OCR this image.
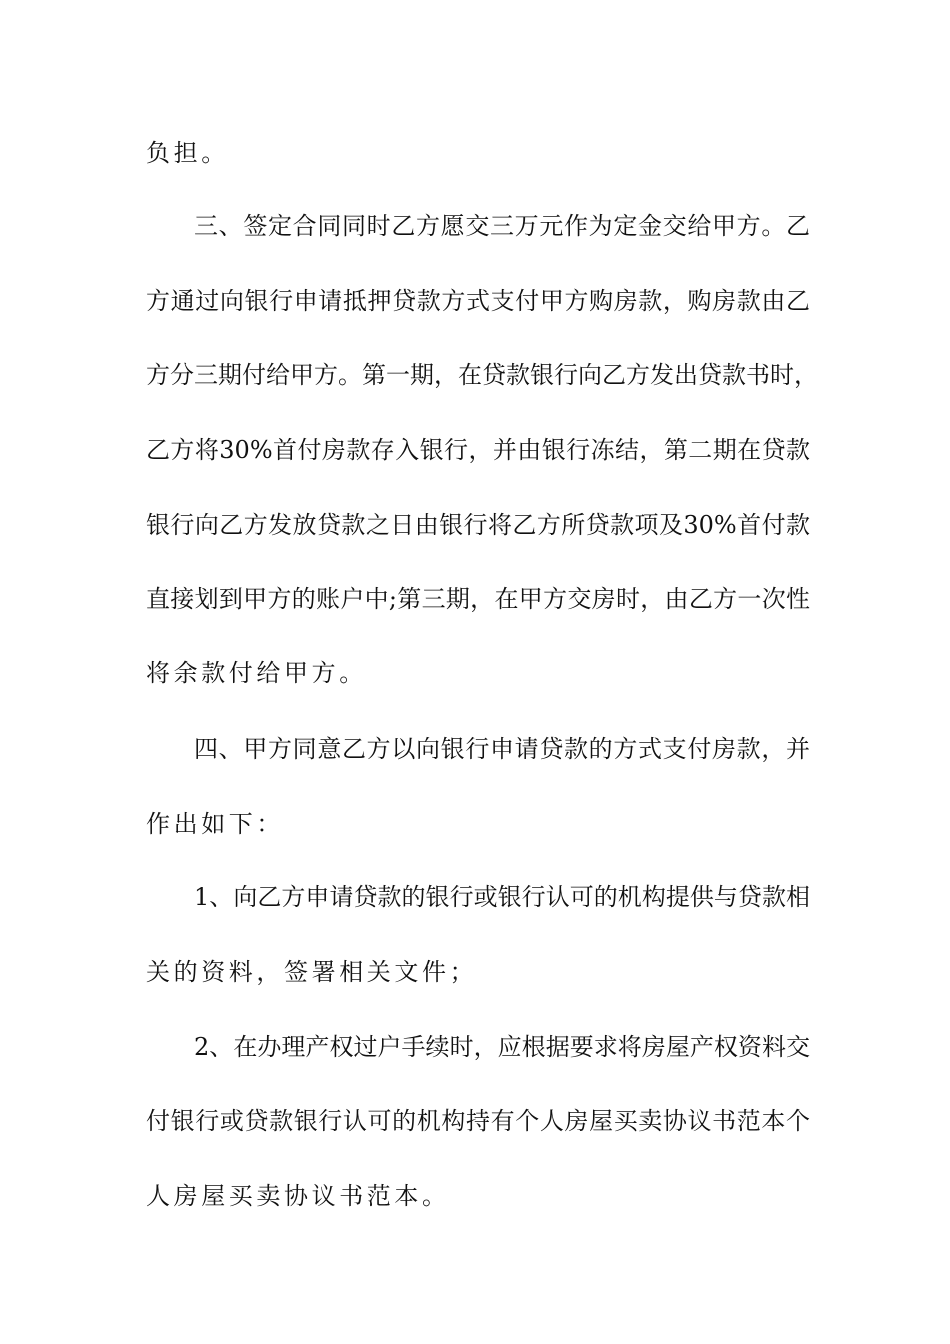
负担。
三、签定合同同时乙方愿交三万元作为定金交给甲方。乙
方通过向银行申请抵押贷款方式支付甲方购房款，购房款由乙
方分三期付给甲方。第一期，在贷款银行向乙方发出贷款书时，
乙方将30%首付房款存入银行，并由银行冻结，第二期在贷款
银行向乙方发放贷款之日由银行将乙方所贷款项及30%首付款
直接划到甲方的账户中;第三期，在甲方交房时，由乙方一次性
将余款付给甲方。
四、甲方同意乙方以向银行申请贷款的方式支付房款，并
作出如下：
1、向乙方申请贷款的银行或银行认可的机构提供与贷款相
关的资料，签署相关文件；
2、在办理产权过户手续时，应根据要求将房屋产权资料交
付银行或贷款银行认可的机构持有个人房屋买卖协议书范本个
人房屋买卖协议书范本。
